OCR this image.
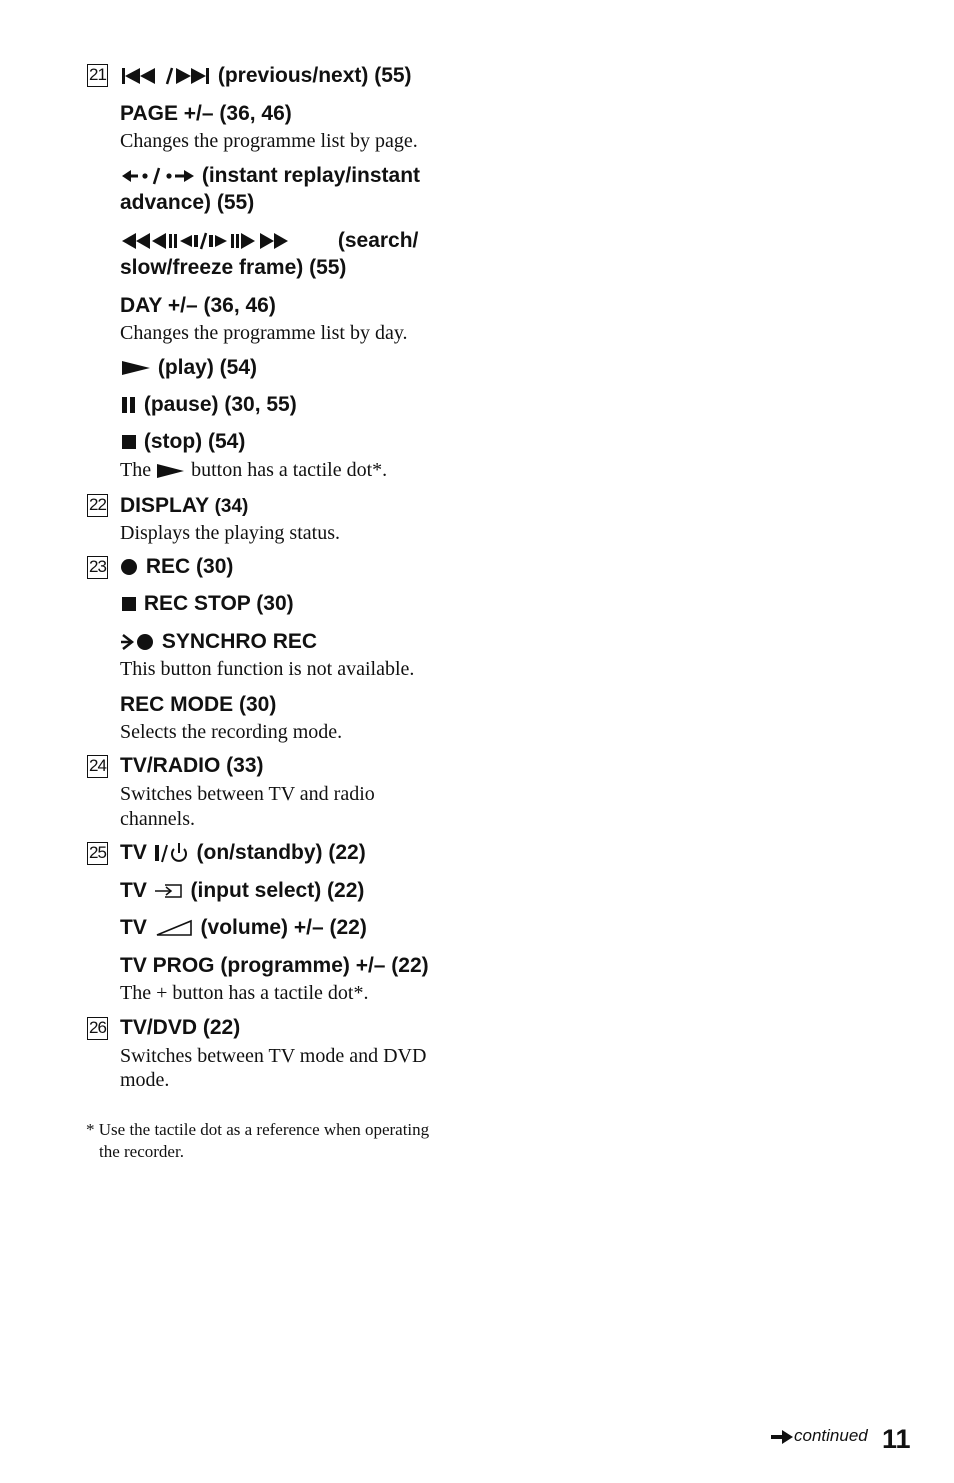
21	(previous/next) (55)
PAGE +/– (36, 46)
Changes the programme list by page.
(instant replay/instant
advance) (55)
(search/
slow/freeze frame) (55)
DAY +/– (36, 46)
Changes the programme list by day.
(play) (54)
(pause) (30, 55)
(stop) (54)
The button has a tactile dot*.
22 DISPLAY (34)
Displays the playing status.
23	REC (30)
REC STOP (30)
SYNCHRO REC
This button function is not available.
REC MODE (30)
Selects the recording mode.
24 TV/RADIO (33)
Switches between TV and radio
channels.
25 TV (on/standby) (22)
TV (input select) (22)
TV	(volume) +/– (22)
TV PROG (programme) +/– (22)
The + button has a tactile dot*.
26 TV/DVD (22)
Switches between TV mode and DVD
mode.
* Use the tactile dot as a reference when operating
the recorder.
continued 11
